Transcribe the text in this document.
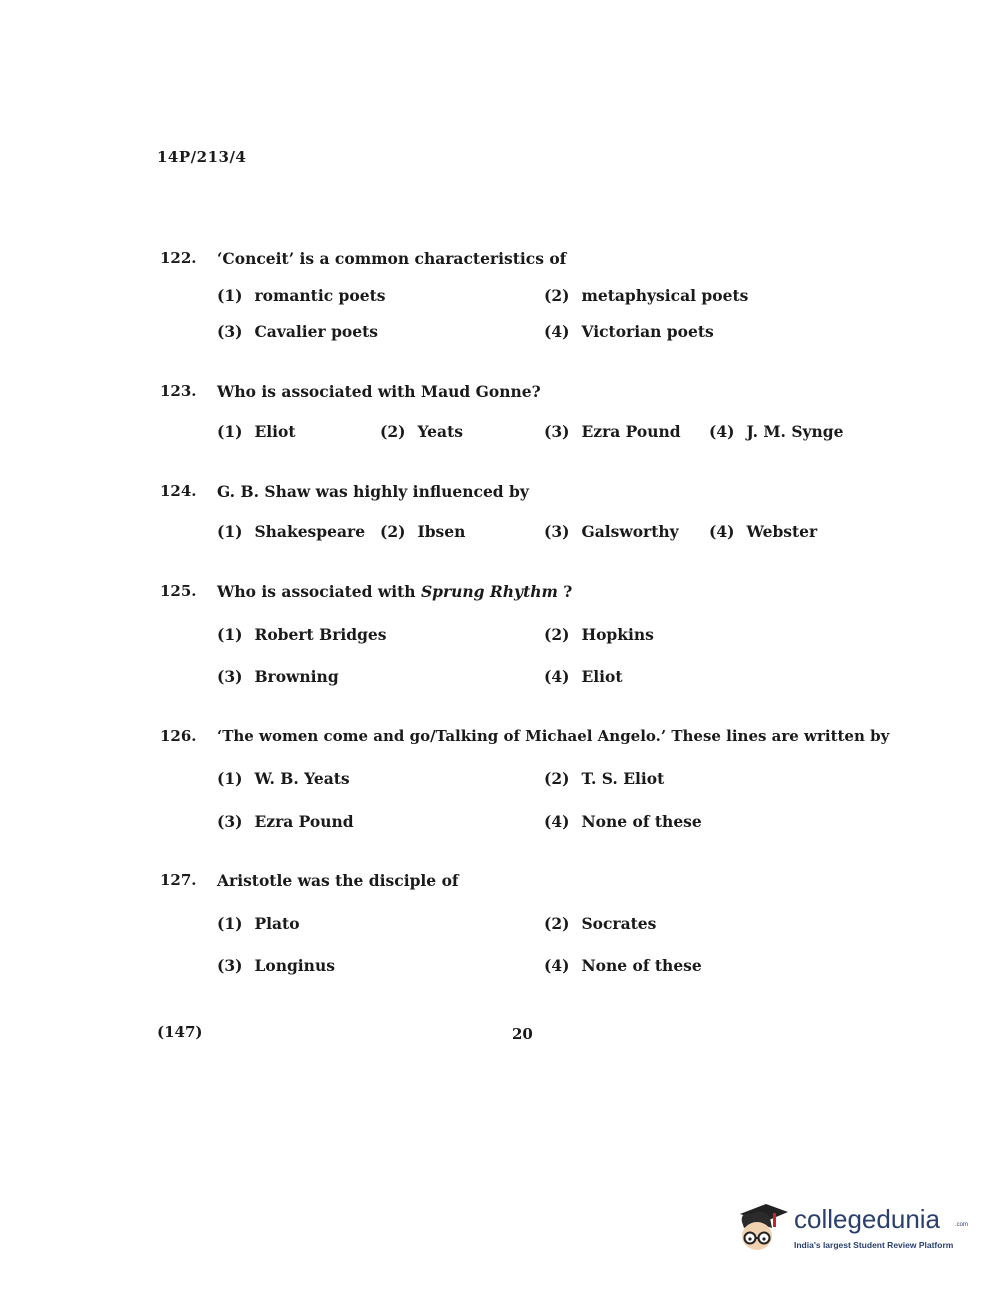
14P/213/4
122. ‘Conceit’ is a common characteristics of
(1) romantic poets	(2) metaphysical poets
(3) Cavalier poets	(4) Victorian poets
123. Who is associated with Maud Gonne?
(1) Eliot	(2) Yeats	(3) Ezra Pound (4) J. M. Synge
124. G. B. Shaw was highly influenced by
(1) Shakespeare (2) Ibsen	(3) Galsworthy (4) Webster
125. Who is associated with Sprung Rhythm ?
(1) Robert Bridges	(2) Hopkins
(3) Browning	(4) Eliot
126. ‘The women come and go/Talking of Michael Angelo.’ These lines are written by
(1) W. B. Yeats	(2) T. S. Eliot
(3) Ezra Pound	(4) None of these
127. Aristotle was the disciple of
(1) Plato	(2) Socrates
(3) Longinus	(4) None of these
(147)	20
collegedunia .com
India's largest Student Review Platform
